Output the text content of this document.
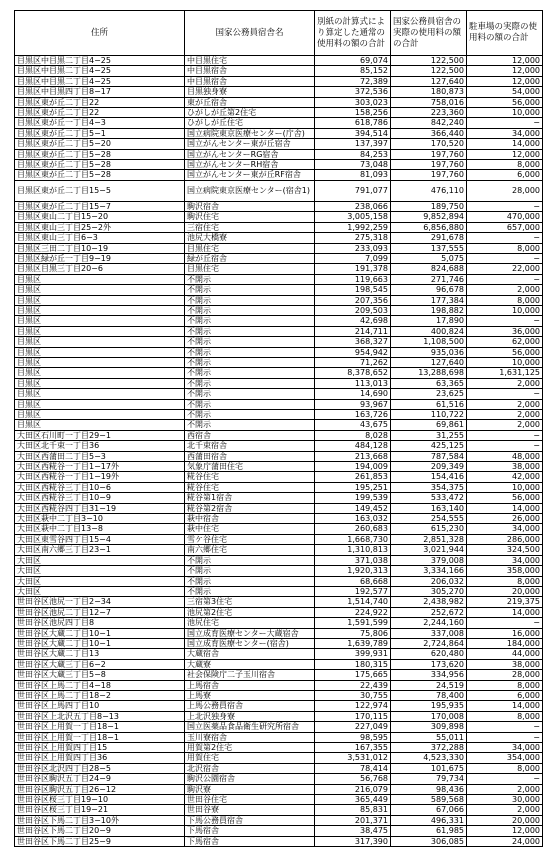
住所	国家公務員宿舎名	別紙の計算式により算定した通常の使用料の額の合計	国家公務員宿舎の実際の使用料の額の合計	駐車場の実際の使用料の額の合計
目黒区中目黒二丁目4−25	中目黒住宅	69,074	122,500	12,000
目黒区中目黒二丁目4−25	中目黒宿舎	85,152	122,500	12,000
目黒区中目黒二丁目4−25	中目黒宿舎	72,389	127,640	12,000
目黒区中目黒四丁目8−17	目黒独身寮	372,536	180,873	54,000
目黒区東が丘二丁目22	東が丘宿舎	303,023	758,016	56,000
目黒区東が丘二丁目22	ひがしが丘第2住宅	158,256	223,360	10,000
目黒区東が丘一丁目4−3	ひがしが丘住宅	618,786	842,240	−
目黒区東が丘二丁目5−1	国立病院東京医療センター(庁舎)	394,514	366,440	34,000
目黒区東が丘二丁目5−20	国立がんセンター東が丘宿舎	137,397	170,520	14,000
目黒区東が丘二丁目5−28	国立がんセンターRG宿舎	84,253	197,760	12,000
目黒区東が丘二丁目5−28	国立がんセンターRH宿舎	73,048	197,760	8,000
目黒区東が丘二丁目5−28	国立がんセンター東が丘RF宿舎	81,093	197,760	6,000
目黒区東が丘二丁目15−5	国立病院東京医療センター(宿舎1)	791,077	476,110	28,000
目黒区東が丘二丁目15−7	駒沢宿舎	238,066	189,750	−
目黒区東山二丁目15−20	駒沢住宅	3,005,158	9,852,894	470,000
目黒区東山三丁目25−2外	三宿住宅	1,992,259	6,856,880	657,000
目黒区東山三丁目6−3	池尻大橋寮	275,318	291,678	−
目黒区三田二丁目10−19	目黒住宅	233,093	137,555	8,000
目黒区緑が丘一丁目9−19	緑が丘宿舎	7,099	5,075	−
目黒区目黒三丁目20−6	目黒住宅	191,378	824,688	22,000
目黒区	不開示	119,663	271,746	−
目黒区	不開示	198,545	96,678	2,000
目黒区	不開示	207,356	177,384	8,000
目黒区	不開示	209,503	198,882	10,000
目黒区	不開示	42,698	17,890	−
目黒区	不開示	214,711	400,824	36,000
目黒区	不開示	368,327	1,108,500	62,000
目黒区	不開示	954,942	935,036	56,000
目黒区	不開示	71,262	127,640	10,000
目黒区	不開示	8,378,652	13,288,698	1,631,125
目黒区	不開示	113,013	63,365	2,000
目黒区	不開示	14,690	23,625	−
目黒区	不開示	93,967	61,516	2,000
目黒区	不開示	163,726	110,722	2,000
目黒区	不開示	43,675	69,861	2,000
大田区石川町一丁目29−1	西宿舎	8,028	31,255	−
大田区北千束一丁目36	北千束宿舎	484,128	425,125	−
大田区西蒲田二丁目5−3	西蒲田宿舎	213,668	787,584	48,000
大田区西糀谷一丁目1−17外	気象庁蒲田住宅	194,009	209,349	38,000
大田区西糀谷一丁目1−19外	糀谷住宅	261,853	154,416	42,000
大田区西糀谷三丁目10−6	糀谷住宅	195,251	354,375	10,000
大田区西糀谷三丁目10−9	糀谷第1宿舎	199,539	533,472	56,000
大田区西糀谷四丁目31−19	糀谷第2宿舎	149,452	163,140	14,000
大田区萩中二丁目3−10	萩中宿舎	163,032	254,555	26,000
大田区萩中二丁目13−8	萩中住宅	260,683	615,230	34,000
大田区東雪谷四丁目15−4	雪ケ谷住宅	1,668,730	2,851,328	286,000
大田区南六郷三丁目23−1	南六郷住宅	1,310,813	3,021,944	324,500
大田区	不開示	371,038	379,008	34,000
大田区	不開示	1,920,313	3,334,166	358,000
大田区	不開示	68,668	206,032	8,000
大田区	不開示	192,577	305,270	20,000
世田谷区池尻一丁目2−34	三宿第3住宅	1,514,740	2,438,982	219,375
世田谷区池尻二丁目12−7	池尻第2住宅	224,922	252,672	14,000
世田谷区池尻四丁目8	池尻住宅	1,591,599	2,244,160	−
世田谷区大蔵二丁目10−1	国立成育医療センター大蔵宿舎	75,806	337,008	16,000
世田谷区大蔵二丁目10−1	国立成育医療センター(宿舎)	1,639,789	2,724,864	184,000
世田谷区大蔵二丁目13	大蔵宿舎	399,931	620,480	44,000
世田谷区大蔵三丁目6−2	大蔵寮	180,315	173,620	38,000
世田谷区大蔵三丁目5−8	社会保険庁二子玉川宿舎	175,665	334,956	28,000
世田谷区上馬二丁目4−18	上馬宿舎	22,439	24,519	8,000
世田谷区上馬二丁目18−2	上馬寮	30,755	78,400	6,000
世田谷区上馬四丁目10	上馬公務員宿舎	122,974	195,935	14,000
世田谷区上北沢五丁目8−13	上北沢独身寮	170,115	170,008	8,000
世田谷区上用賀一丁目18−1	国立医薬品食品衛生研究所宿舎	227,049	309,898	−
世田谷区上用賀一丁目18−1	玉川寮宿舎	98,595	55,011	−
世田谷区上用賀四丁目15	用賀第2住宅	167,355	372,288	34,000
世田谷区上用賀四丁目36	用賀住宅	3,531,012	4,523,330	354,000
世田谷区北沢四丁目28−5	北沢宿舎	78,414	101,675	8,000
世田谷区駒沢五丁目24−9	駒沢公園宿舎	56,768	79,734	−
世田谷区駒沢五丁目26−12	駒沢寮	216,079	98,436	2,000
世田谷区桜三丁目19−10	世田谷住宅	365,449	589,568	30,000
世田谷区桜三丁目19−21	世田谷寮	85,831	67,066	2,000
世田谷区下馬二丁目3−10外	下馬公務員宿舎	201,371	496,331	20,000
世田谷区下馬二丁目20−9	下馬宿舎	38,475	61,985	12,000
世田谷区下馬二丁目25−9	下馬宿舎	317,390	306,085	24,000
